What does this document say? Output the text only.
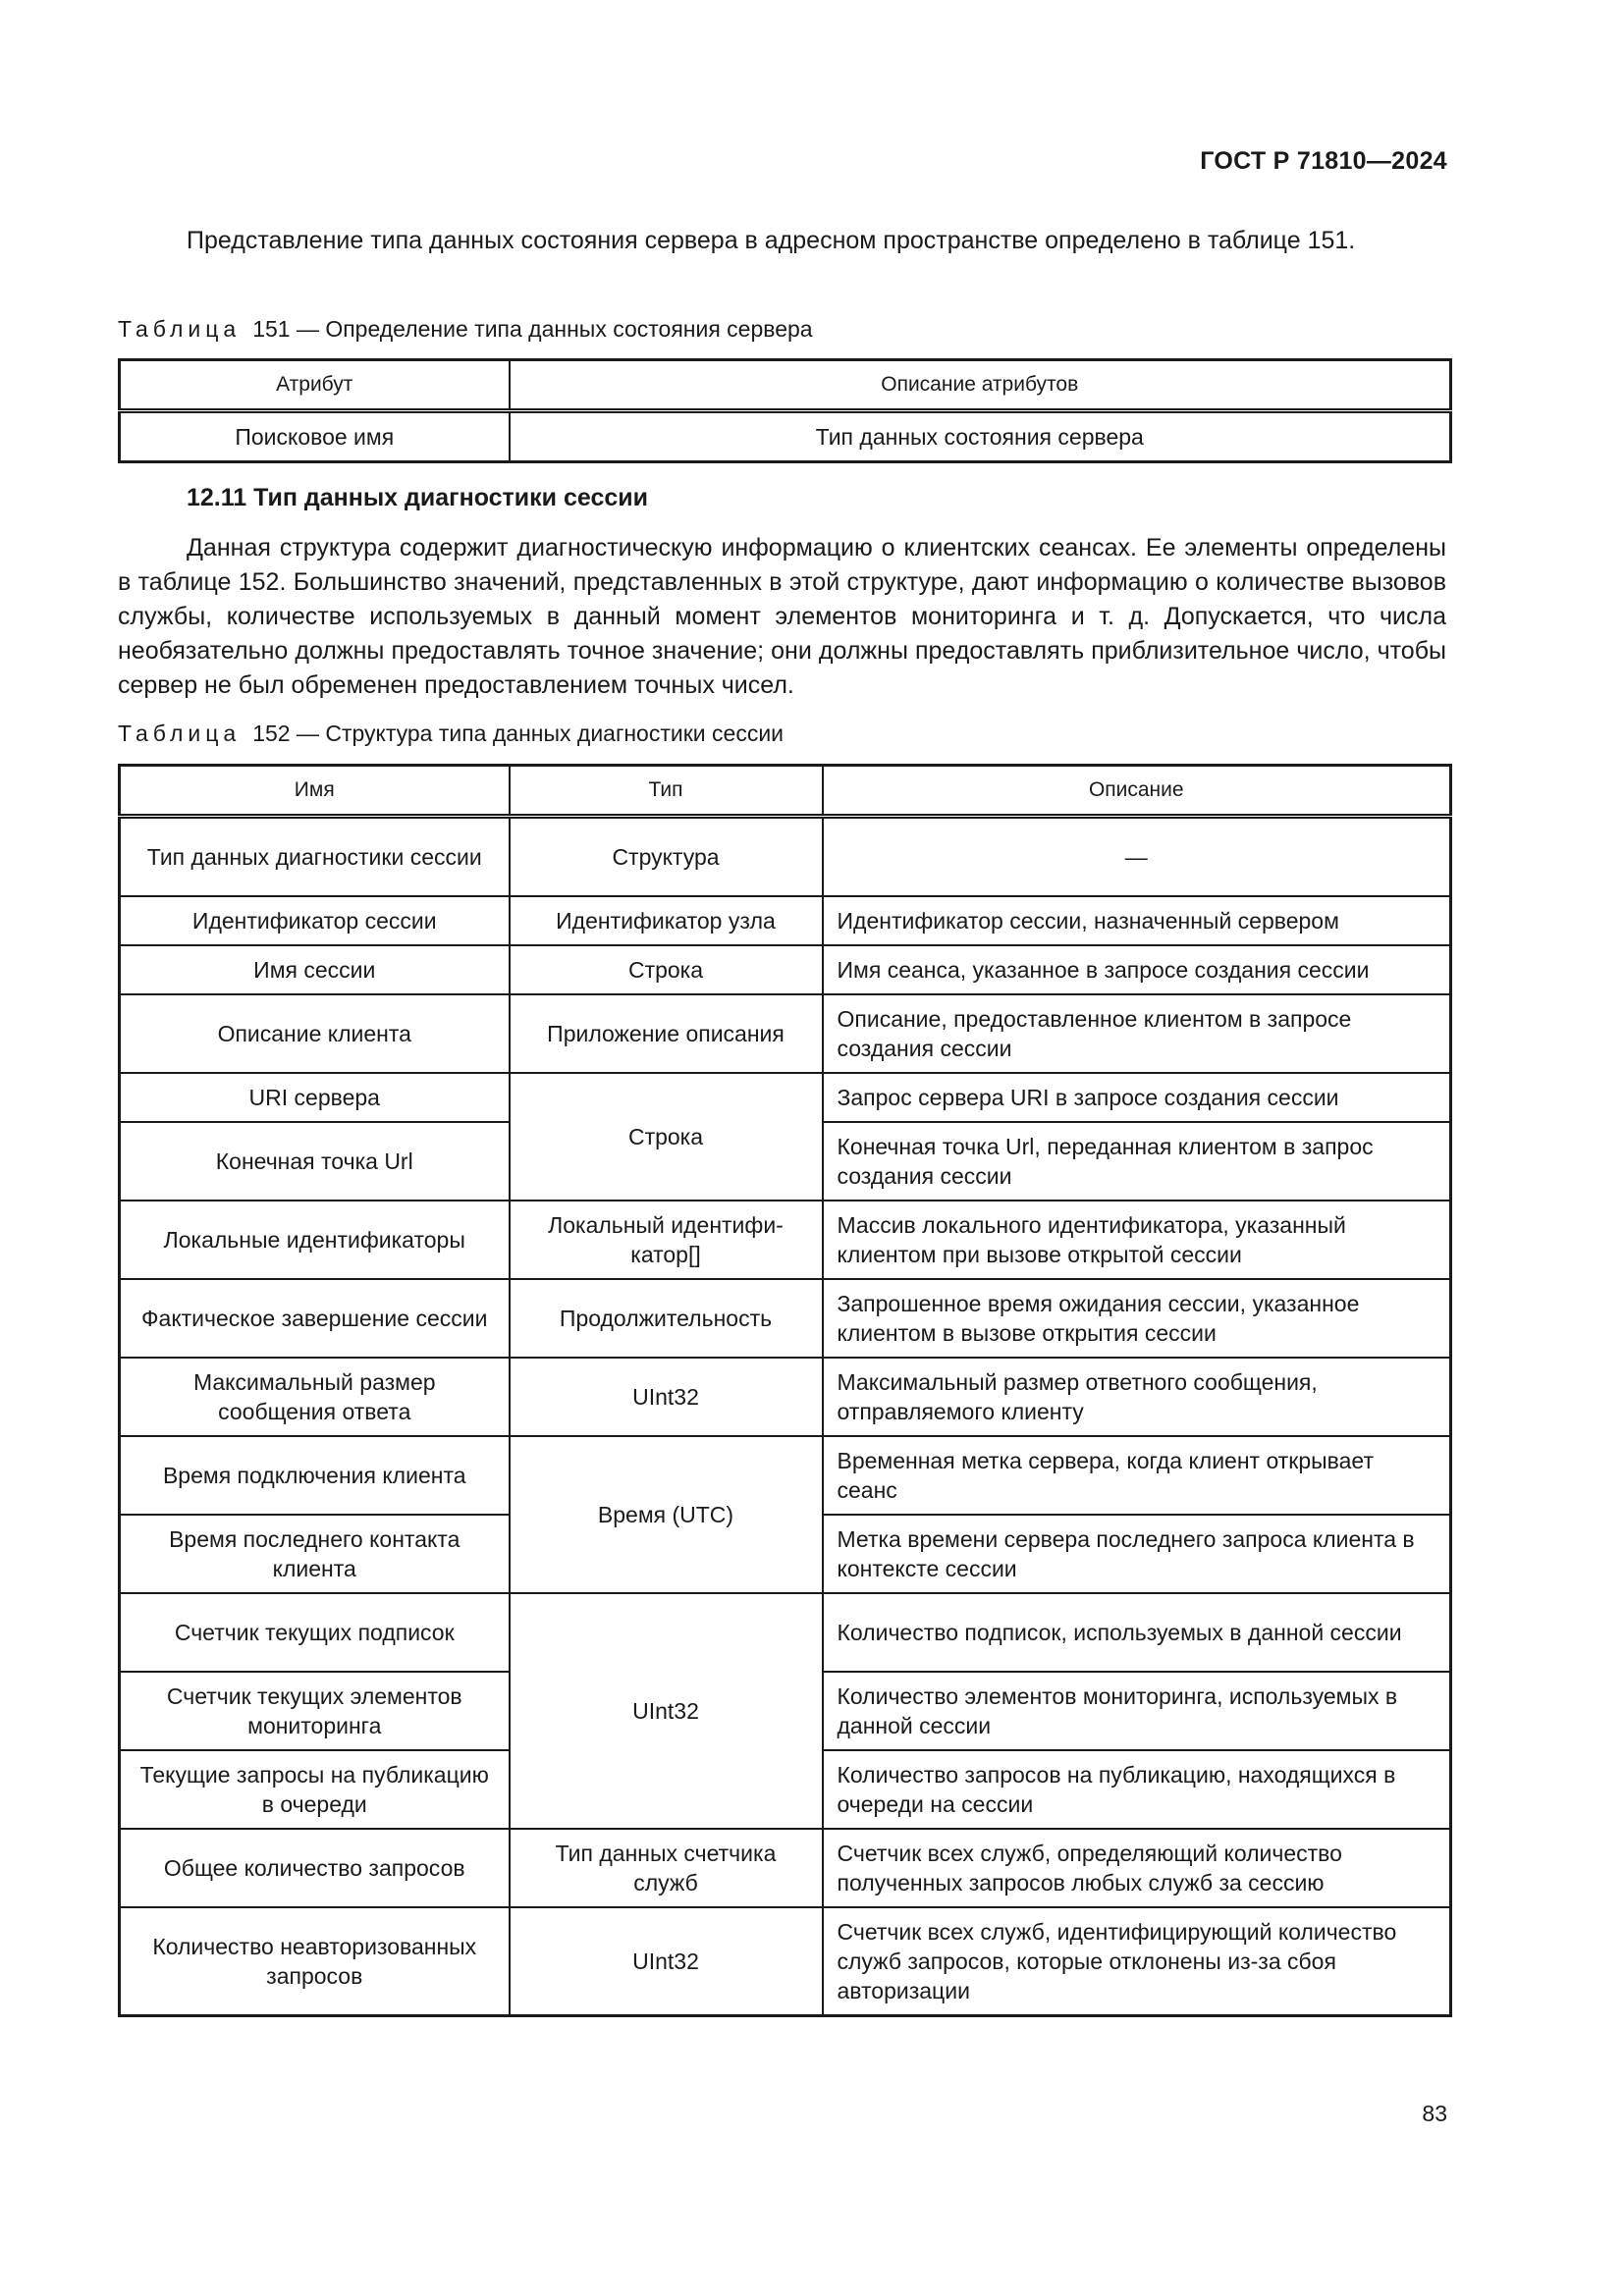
ГОСТ Р 71810—2024

Представление типа данных состояния сервера в адресном пространстве определено в таблице 151.

Таблица 151 — Определение типа данных состояния сервера
Атрибут	Описание атрибутов
Поисковое имя	Тип данных состояния сервера
12.11 Тип данных диагностики сессии

Данная структура содержит диагностическую информацию о клиентских сеансах. Ее элементы определены в таблице 152. Большинство значений, представленных в этой структуре, дают информацию о количестве вызовов службы, количестве используемых в данный момент элементов мониторинга и т. д. Допускается, что числа необязательно должны предоставлять точное значение; они должны предоставлять приблизительное число, чтобы сервер не был обременен предоставлением точных чисел.

Таблица 152 — Структура типа данных диагностики сессии
Имя	Тип	Описание
Тип данных диагностики сессии	Структура	—
Идентификатор сессии	Идентификатор узла	Идентификатор сессии, назначенный сервером
Имя сессии	Строка	Имя сеанса, указанное в запросе создания сессии
Описание клиента	Приложение описания	Описание, предоставленное клиентом в запросе создания сессии
URI сервера	Строка	Запрос сервера URI в запросе создания сессии
Конечная точка Url		Конечная точка Url, переданная клиентом в запрос создания сессии
Локальные идентификаторы	Локальный идентифи-катор[]	Массив локального идентификатора, указанный клиентом при вызове открытой сессии
Фактическое завершение сессии	Продолжительность	Запрошенное время ожидания сессии, указанное клиентом в вызове открытия сессии
Максимальный размер сообщения ответа	UInt32	Максимальный размер ответного сообщения, отправляемого клиенту
Время подключения клиента	Время (UTC)	Временная метка сервера, когда клиент открывает сеанс
Время последнего контакта клиента		Метка времени сервера последнего запроса клиента в контексте сессии
Счетчик текущих подписок	UInt32	Количество подписок, используемых в данной сессии
Счетчик текущих элементов мониторинга		Количество элементов мониторинга, используемых в данной сессии
Текущие запросы на публикацию в очереди		Количество запросов на публикацию, находящихся в очереди на сессии
Общее количество запросов	Тип данных счетчика служб	Счетчик всех служб, определяющий количество полученных запросов любых служб за сессию
Количество неавторизованных запросов	UInt32	Счетчик всех служб, идентифицирующий количество служб запросов, которые отклонены из-за сбоя авторизации
83
